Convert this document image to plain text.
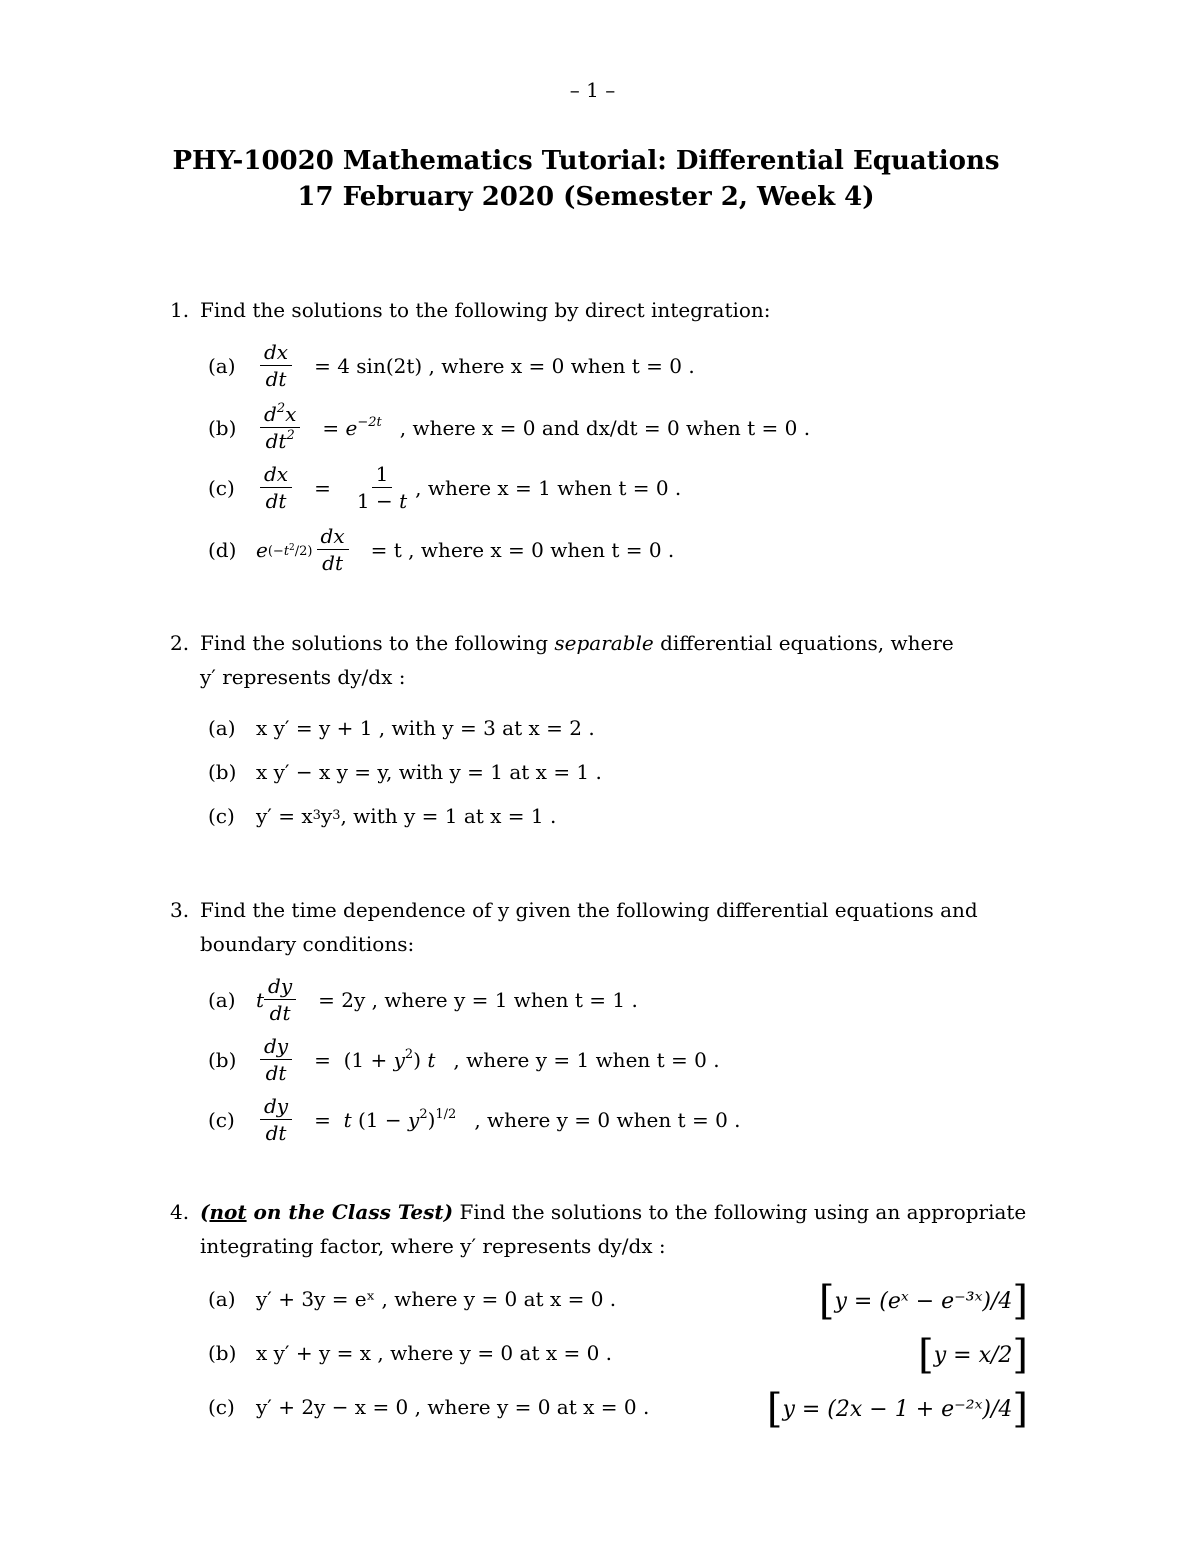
– 1 –
PHY-10020 Mathematics Tutorial: Differential Equations
17 February 2020 (Semester 2, Week 4)
1. Find the solutions to the following by direct integration:
(a)	$\frac{dx}{dt} = 4$ sin(2t) , where x = 0 when t = 0 .
(b)	$\frac{d^2x}{dt^2} = e^{-2t}$ , where x = 0 and dx/dt = 0 when t = 0 .
(c)	$\frac{dx}{dt} = \frac{1}{1 - t}$ , where x = 1 when t = 0 .
(d) e $(-t^2/2) \frac{dx}{dt} = t$ , where x = 0 when t = 0 .
2. Find the solutions to the following separable differential equations, where
y′ represents dy/dx :
(a)	x y′ = y + 1 , with y = 3 at x = 2 .
(b) x y′ − x y = y, with y = 1 at x = 1 .
(c)	y′ = x 3 y 3 , with y = 1 at x = 1 .
3. Find the time dependence of y given the following differential equations and
boundary conditions:
(a)	t $\frac{dy}{dt} = 2y$ , where y = 1 when t = 1 .
(b)	$\frac{dy}{dt} = (1 + y^2)$ t , where y = 1 when t = 0 .
(c)	$\frac{dy}{dt} = t$ $(1 - y^2)^{1/2}$ , where y = 0 when t = 0 .
4. (not on the Class Test) Find the solutions to the following using an appropriate
integrating factor, where y′ represents dy/dx :
(a)	y′ + 3y = eˣ , where y = 0 at x = 0 .	[y = (eˣ − e⁻³ˣ)/4]
(b) x y′ + y = x , where y = 0 at x = 0 .	[y = x/2]
(c)	y′ + 2y − x = 0 , where y = 0 at x = 0 .	[y = (2x − 1 + e⁻²ˣ)/4]
